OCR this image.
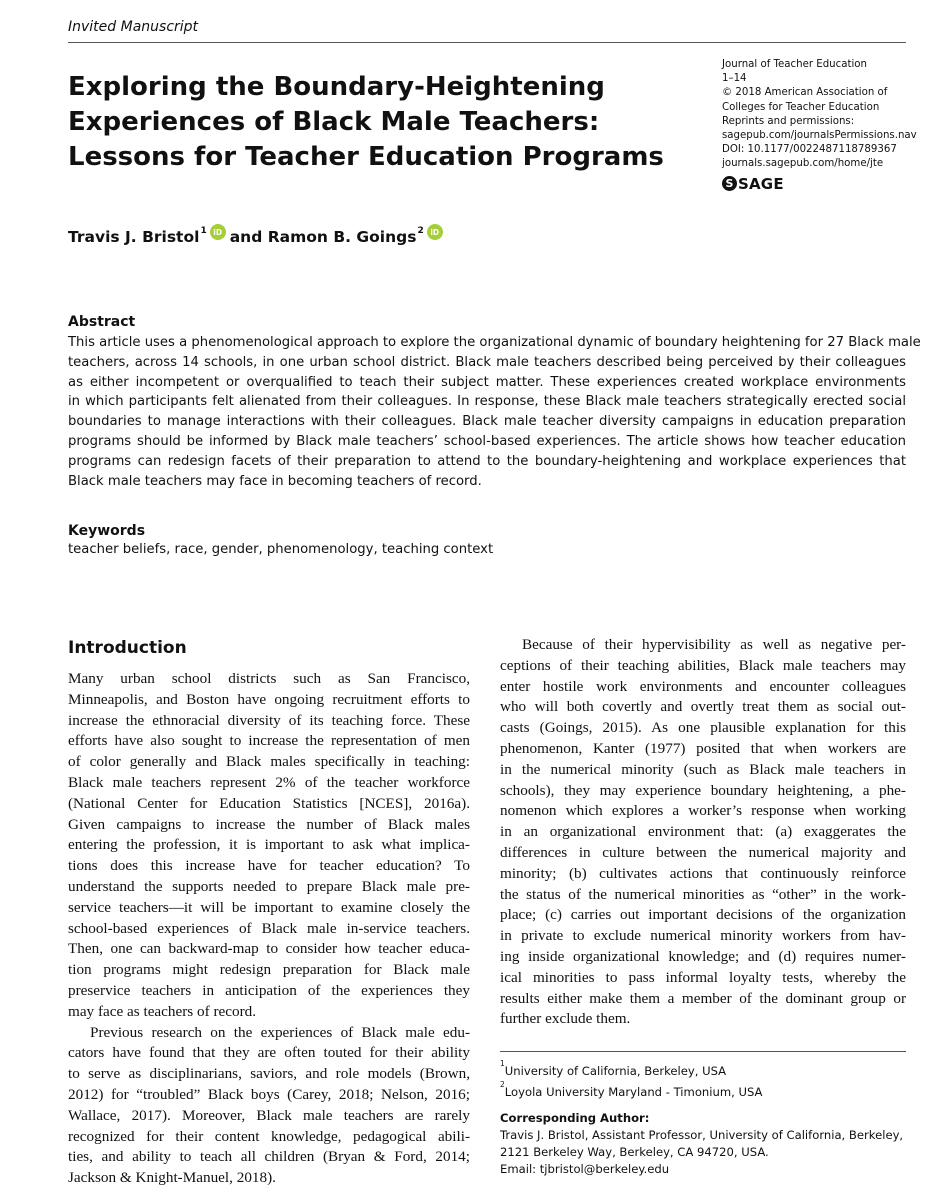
Invited Manuscript
Exploring the Boundary-Heightening
Experiences of Black Male Teachers:
Lessons for Teacher Education Programs
Journal of Teacher Education
1–14
© 2018 American Association of
Colleges for Teacher Education
Reprints and permissions:
sagepub.com/journalsPermissions.nav
DOI: 10.1177/0022487118789367
journals.sagepub.com/home/jte
S SAGE
Travis J. Bristol$^1$ iD and
Ramon B. Goings$^2$ iD
Abstract
This article uses a phenomenological approach to explore the organizational dynamic of boundary heightening for 27 Black male
teachers, across 14 schools, in one urban school district. Black male teachers described being perceived by their colleagues
as either incompetent or overqualified to teach their subject matter. These experiences created workplace environments
in which participants felt alienated from their colleagues. In response, these Black male teachers strategically erected social
boundaries to manage interactions with their colleagues. Black male teacher diversity campaigns in education preparation
programs should be informed by Black male teachers’ school-based experiences. The article shows how teacher education
programs can redesign facets of their preparation to attend to the boundary-heightening and workplace experiences that
Black male teachers may face in becoming teachers of record.
Keywords
teacher beliefs, race, gender, phenomenology, teaching context
Introduction
Many urban school districts such as San Francisco,
Minneapolis, and Boston have ongoing recruitment efforts to
increase the ethnoracial diversity of its teaching force. These
efforts have also sought to increase the representation of men
of color generally and Black males specifically in teaching:
Black male teachers represent 2% of the teacher workforce
(National Center for Education Statistics [NCES], 2016a).
Given campaigns to increase the number of Black males
entering the profession, it is important to ask what implica-
tions does this increase have for teacher education? To
understand the supports needed to prepare Black male pre-
service teachers—it will be important to examine closely the
school-based experiences of Black male in-service teachers.
Then, one can backward-map to consider how teacher educa-
tion programs might redesign preparation for Black male
preservice teachers in anticipation of the experiences they
may face as teachers of record.
Previous research on the experiences of Black male edu-
cators have found that they are often touted for their ability
to serve as disciplinarians, saviors, and role models (Brown,
2012) for “troubled” Black boys (Carey, 2018; Nelson, 2016;
Wallace, 2017). Moreover, Black male teachers are rarely
recognized for their content knowledge, pedagogical abili-
ties, and ability to teach all children (Bryan & Ford, 2014;
Jackson & Knight-Manuel, 2018).
Because of their hypervisibility as well as negative per-
ceptions of their teaching abilities, Black male teachers may
enter hostile work environments and encounter colleagues
who will both covertly and overtly treat them as social out-
casts (Goings, 2015). As one plausible explanation for this
phenomenon, Kanter (1977) posited that when workers are
in the numerical minority (such as Black male teachers in
schools), they may experience boundary heightening, a phe-
nomenon which explores a worker’s response when working
in an organizational environment that: (a) exaggerates the
differences in culture between the numerical majority and
minority; (b) cultivates actions that continuously reinforce
the status of the numerical minorities as “other” in the work-
place; (c) carries out important decisions of the organization
in private to exclude numerical minority workers from hav-
ing inside organizational knowledge; and (d) requires numer-
ical minorities to pass informal loyalty tests, whereby the
results either make them a member of the dominant group or
further exclude them.
$^1$University of California, Berkeley, USA
$^2$Loyola University Maryland - Timonium, USA
Corresponding Author:
Travis J. Bristol, Assistant Professor, University of California, Berkeley,
2121 Berkeley Way, Berkeley, CA 94720, USA.
Email: tjbristol@berkeley.edu
